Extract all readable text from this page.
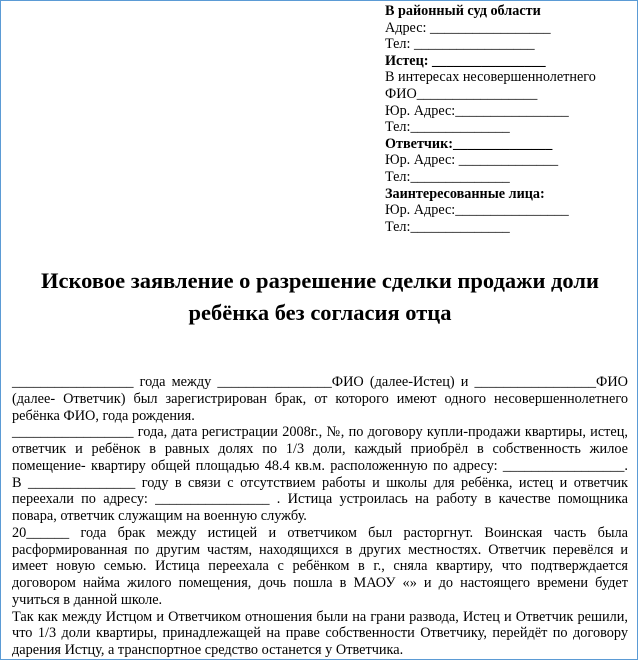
В районный суд области
Адрес: _________________
Тел: _________________
Истец: ________________
В интересах несовершеннолетнего
ФИО_________________
Юр. Адрес:________________
Тел:______________
Ответчик:______________
Юр. Адрес: ______________
Тел:______________
Заинтересованные лица:
Юр. Адрес:________________
Тел:______________
Исковое заявление о разрешение сделки продажи доли
ребёнка без согласия отца
_________________ года между ________________ФИО (далее-Истец) и _________________ФИО
(далее- Ответчик) был зарегистрирован брак, от которого имеют одного несовершеннолетнего
ребёнка ФИО, года рождения.
_________________ года, дата регистрации 2008г., №, по договору купли-продажи квартиры, истец,
ответчик и ребёнок в равных долях по 1/3 доли, каждый приобрёл в собственность жилое
помещение- квартиру общей площадью 48.4 кв.м. расположенную по адресу: _________________.
В _______________ году в связи с отсутствием работы и школы для ребёнка, истец и ответчик
переехали по адресу: ________________ . Истица устроилась на работу в качестве помощника
повара, ответчик служащим на военную службу.
20______ года брак между истицей и ответчиком был расторгнут. Воинская часть была
расформированная по другим частям, находящихся в других местностях. Ответчик перевёлся и
имеет новую семью. Истица переехала с ребёнком в г., сняла квартиру, что подтверждается
договором найма жилого помещения, дочь пошла в МАОУ «» и до настоящего времени будет
учиться в данной школе.
Так как между Истцом и Ответчиком отношения были на грани развода, Истец и Ответчик решили,
что 1/3 доли квартиры, принадлежащей на праве собственности Ответчику, перейдёт по договору
дарения Истцу, а транспортное средство останется у Ответчика.
